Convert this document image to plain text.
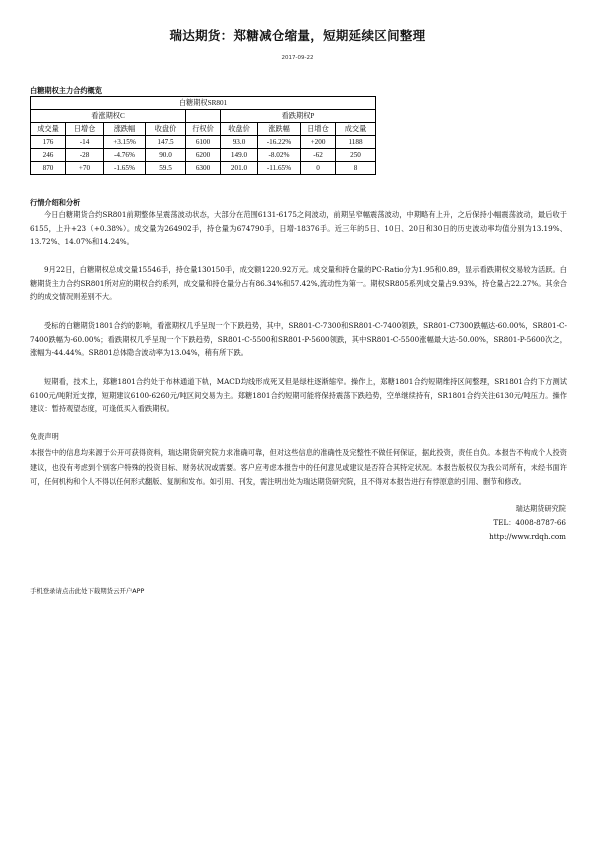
瑞达期货：郑糖减仓缩量，短期延续区间整理
2017-09-22
白糖期权主力合约概览
白糖期权SR801								
看涨期权C					看跌期权P			
成交量	日增仓	涨跌幅	收盘价	行权价	收盘价	涨跌幅	日增仓	成交量
176	-14	+3.15%	147.5	6100	93.0	-16.22%	+200	1188
246	-28	-4.76%	90.0	6200	149.0	-8.02%	-62	250
870	+70	-1.65%	59.5	6300	201.0	-11.65%	0	8
行情介绍和分析

今日白糖期货合约SR801前期整体呈震荡波动状态，大部分在范围6131-6175之间波动，前期呈窄幅震荡波动，中期略有上升，之后保持小幅震荡波动，最后收于6155，上升+23（+0.38%）。成交量为264902手，持仓量为674790手，日增-18376手。近三年的5日、10日、20日和30日的历史波动率均值分别为13.19%、13.72%、14.07%和14.24%。

9月22日，白糖期权总成交量15546手，持仓量130150手，成交额1220.92万元。成交量和持仓量的PC-Ratio分为1.95和0.89，显示看跌期权交易较为活跃。白糖期货主力合约SR801所对应的期权合约系列，成交量和持仓量分占有86.34%和57.42%,流动性为第一。期权SR805系列成交量占9.93%，持仓量占22.27%。其余合约的成交情况则差别不大。

受标的白糖期货1801合约的影响，看涨期权几乎呈现一个下跌趋势，其中，SR801-C-7300和SR801-C-7400领跌，SR801-C7300跌幅达-60.00%，SR801-C-7400跌幅为-60.00%；看跌期权几乎呈现一个下跌趋势，SR801-C-5500和SR801-P-5600领跌，其中SR801-C-5500涨幅最大达-50.00%，SR801-P-5600次之，涨幅为-44.44%。SR801总体隐含波动率为13.04%，稍有所下跌。

短期看，技术上，郑糖1801合约处于布林通道下轨，MACD均线形成死叉但是绿柱逐渐缩窄。操作上，郑糖1801合约短期维持区间整理，SR1801合约下方测试6100元/吨附近支撑，短期建议6100-6260元/吨区间交易为主。郑糖1801合约短期可能将保持震荡下跌趋势，空单继续持有，SR1801合约关注6130元/吨压力。操作建议：暂持观望态度，可逢低买入看跌期权。

免责声明

本报告中的信息均来源于公开可获得资料，瑞达期货研究院力求准确可靠，但对这些信息的准确性及完整性不做任何保证，据此投资，责任自负。本报告不构成个人投资建议，也没有考虑到个别客户特殊的投资目标、财务状况或需要。客户应考虑本报告中的任何意见或建议是否符合其特定状况。本报告版权仅为我公司所有，未经书面许可，任何机构和个人不得以任何形式翻版、复制和发布。如引用、刊发，需注明出处为瑞达期货研究院，且不得对本报告进行有悖原意的引用、删节和修改。

瑞达期货研究院
TEL：4008-8787-66
http://www.rdqh.com
手机登录请点击此处下载期货云开户APP
